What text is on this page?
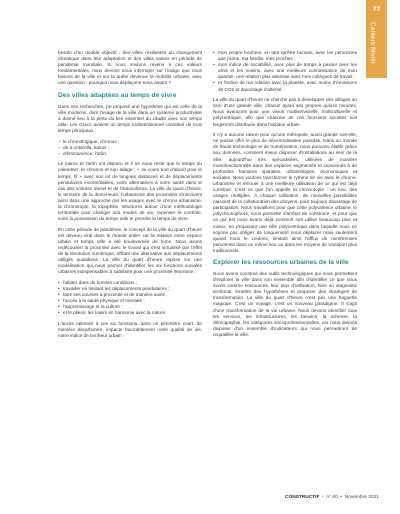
77
Cahiers Morin

besoin d'un double objectif : des villes résilientes au changement climatique dans leur adaptation et des villes saines en période de pandémie mondiale. Si nous voulons revenir à ces valeurs fondamentales, nous devons nous interroger sur l'usage que nous faisons de la ville et sur la quête devenue la mobilité urbaine, avec une question : pourquoi nous déplaçons-nous autant ?

Des villes adaptées au temps de vivre

Dans nes recherches, j'ai proposé une hypothèse qui est celle de la ville moderne, dont l'usage de la ville dans un système productiviste a donné lieu à la perte du lien essentiel du citadin avec son temps utile. Les Grecs avaient un temps tridimensionnel constitué de trois temps principaux :

– le chronologique, chronos ;
– de à ontarella, kairos ;
– d'émmanence, l'aïôn.

Le kairos et l'aïôn ont disparu et il ne nous reste que le temps du calendrier, le chronos et son adage : « Je cours tout d'abord pour le temps, fil » avec son lot de longues distances et de déplacements pendulaires incontrôlables, votre alternatives à notre santé dans le cas des voitures diesel et de l'autosolisme. La ville du quart d'heure, le territoire de la demi-heure, l'urbanisme des proximités s'inscrivent ainsi dans une approche par les usages avec le chrono-urbanisme, la chronotopie, la topophilie, structurés autour d'une méthodologie territoriale pour changer nos modes de vie, repenser le contrôle, voire la possession du temps utile et prendre le temps de vivre.

En cette période de pandémie, le concept de la ville du quart d'heure est devenu viral dans le monde entier car la relation entre espace urbain et temps utile a été bouleversée de force. Nous avons redécouvert la proximité avec le travail qui s'est virtualisé par l'effet de la révolution numérique, offrant une alternative aux déplacements obligés quotidiens. La ville du quart d'heure repose sur une modélisation qui nous permet d'identifier les six fonctions sociales urbaines indispensables à satisfaire pour une proximité heureuse :

• habiter dans de bonnes conditions ;
• travailler en limitant les déplacements pendulaires ;
• faire ses courses à proximité et de manière saine ;
• l'accès à la santé physique et mentale ;
• l'apprentissage et la culture ;
• et le plaisir, les loisirs en harmonie avec la nature.

L'accès optimisé à ces six fonctions, dans un périmètre court, de manière décarbonée, impacte favorablement notre qualité de vie, notre indice de bonheur urbain :

• mon propre bonheur, en tant qu'être humain, avec les personnes que j'aime, ma famille, mes proches ;
• mon indice de sociabilité, avec plus de temps à passer avec les amis et les voisins, avec une meilleure connaissance de mon quartier, une relation plus attentive avec mes collègues de travail ;
• et l'indice de ma relation avec la planète, avec moins d'émissions de CO2 et davantage d'altérité.

La ville du quart d'heure ne cherche pas à développer des villages au sein d'une grande ville, chacun ayant ses propres quinze minutes. Nous avançons pour une vision multiservicielle, multiculturelle et polycentrique, afin que chacune de ces fonctions sociales soit largement distribuée dans l'espace urbain.

Il n'y a aucune raison pour qu'une métropole, aussi grande soit-elle, ne puisse offrir le plus de décentralisation possible. Dans un monde de haute technologie et de numérisation, nous pouvons établir grâce aux données, comment mieux disposer d'installations au sein de la ville, aujourd'hui très spécialisées, utilisées de manière monofonctionnelle dans des espaces segmentés et cloisonnés à de profondes fractures spatiales, urbanistiques, économiques et sociales. Nous voulons transformer le rythme de vie avec le chrono-urbanisme et renouer à une meilleure utilisation de ce qui est déjà construit. C'est ce que l'on appelle la chronotopie : un lieu, des usages multiples. À chaque utilisation, de nouvelles possibilités naissent de la collaboration des citoyens, pour toujours davantage de participation. Nous travaillons pour que cette polyvalence urbaine, le polychronophore, nous permette d'arrêter de construire, et pour que ce qui est nous avons déjà construit soit utilisé beaucoup plus et mieux, en proposant une ville polycentrique dans laquelle nous ne soyons pas obligés de longuement nous déplacer mais seulement quand nous le voulons, limitant ainsi l'afflux de nombreuses personnes dans un même lieu ou dans les moyens de transport plus traditionnels.

Explorer les ressources urbaines de la ville

Nous avons construit des outils technologiques qui nous permettent d'explorer la ville dans son ensemble afin d'identifier ce que nous avons comme ressources, leur taux d'utilisation, faire un diagnostic territorial, émettre des hypothèses et proposer des stratégies de transformation. La ville du quart d'heure n'est pas une baguette magique. C'est un voyage, c'est un nouveau paradigme. Il s'agit d'une transformation de la vie urbaine. Nous devons identifier tous les services, les infrastructures, les besoins, la richesse, la démographie, les catégories socioprofessionnelles, car nous devons disposer d'un ensemble d'indicateurs qui nous permettront de requalifier la ville.

CONSTRUCTIF  •  n° 60  •  Novembre 2021
